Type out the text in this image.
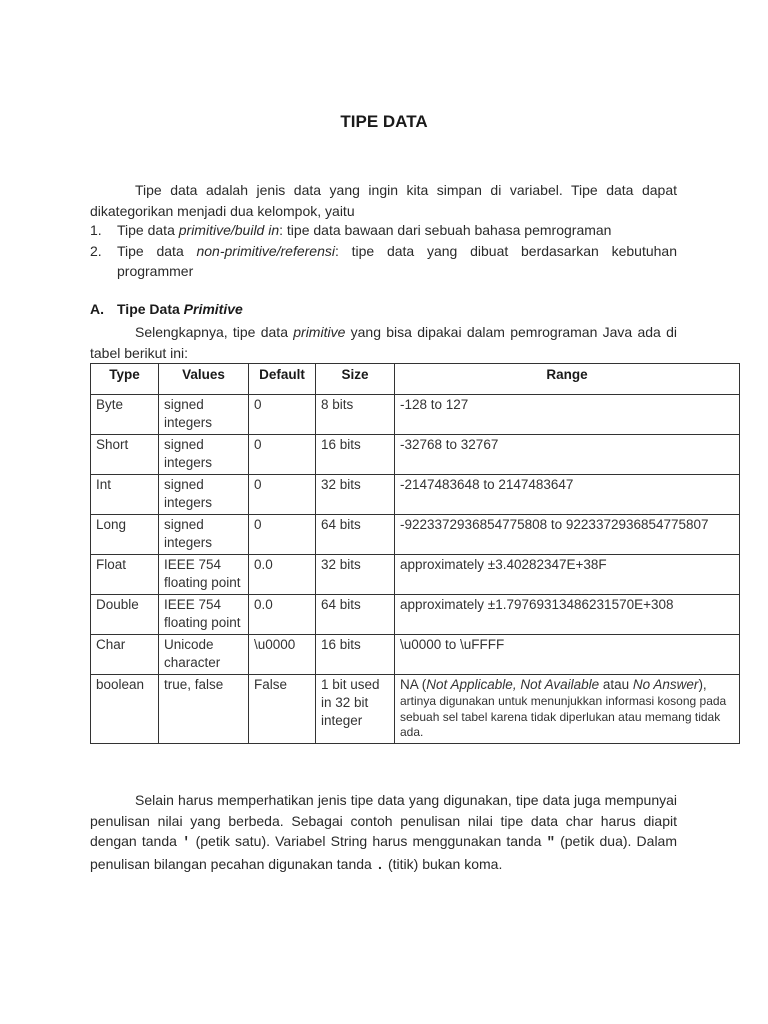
TIPE DATA

Tipe data adalah jenis data yang ingin kita simpan di variabel. Tipe data dapat dikategorikan menjadi dua kelompok, yaitu

1. Tipe data primitive/build in: tipe data bawaan dari sebuah bahasa pemrograman
2. Tipe data non-primitive/referensi: tipe data yang dibuat berdasarkan kebutuhan programmer
A. Tipe Data Primitive

Selengkapnya, tipe data primitive yang bisa dipakai dalam pemrograman Java ada di tabel berikut ini:

Type	Values	Default	Size	Range
Byte	signed integers	0	8 bits	-128 to 127
Short	signed integers	0	16 bits	-32768 to 32767
Int	signed integers	0	32 bits	-2147483648 to 2147483647
Long	signed integers	0	64 bits	-9223372936854775808 to 9223372936854775807
Float	IEEE 754 floating point	0.0	32 bits	approximately ±3.40282347E+38F
Double	IEEE 754 floating point	0.0	64 bits	approximately ±1.79769313486231570E+308
Char	Unicode character	\u0000	16 bits	\u0000 to \uFFFF
boolean	true, false	False	1 bit used in 32 bit integer	NA (Not Applicable, Not Available atau No Answer),
artinya digunakan untuk menunjukkan informasi kosong pada sebuah sel tabel karena tidak diperlukan atau memang tidak ada.

Selain harus memperhatikan jenis tipe data yang digunakan, tipe data juga mempunyai penulisan nilai yang berbeda. Sebagai contoh penulisan nilai tipe data char harus diapit dengan tanda ' (petik satu). Variabel String harus menggunakan tanda " (petik dua). Dalam penulisan bilangan pecahan digunakan tanda . (titik) bukan koma.
